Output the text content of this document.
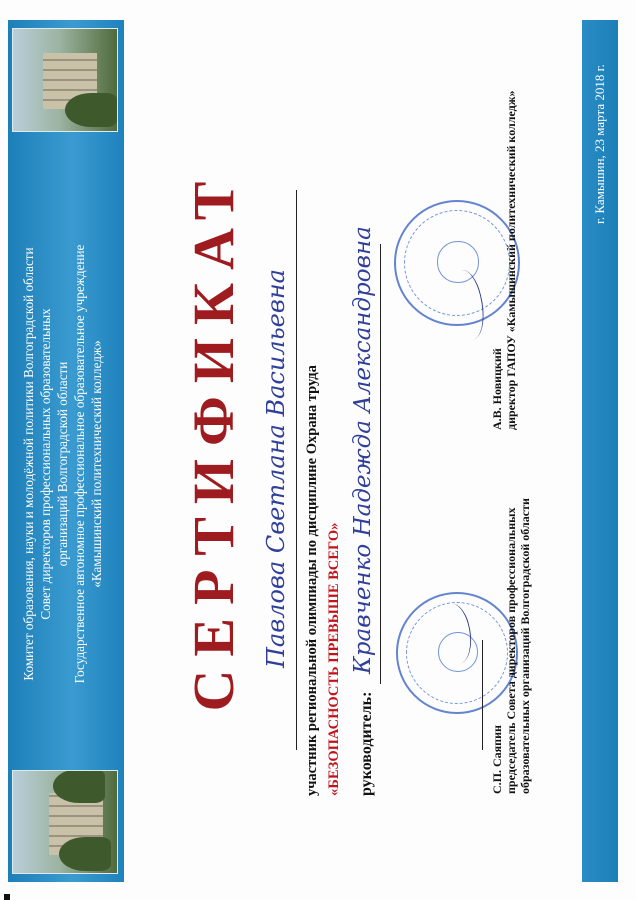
Комитет образования, науки и молодёжной политики Волгоградской области Совет директоров профессиональных образовательных организаций Волгоградской области Государственное автономное профессиональное образовательное учреждение «Камышинский политехнический колледж» СЕРТИФИКАТ Павлова Светлана Васильевна участник региональной олимпиады по дисциплине Охрана труда «БЕЗОПАСНОСТЬ ПРЕВЫШЕ ВСЕГО» руководитель:
Кравченко Надежда Александровна
С.П. Саяпин председатель Совета директоров профессиональных образовательных организаций Волгоградской области
А.В. Новицкий директор ГАПОУ «Камышинский политехнический колледж»	г. Камышин, 23 марта 2018 г.
